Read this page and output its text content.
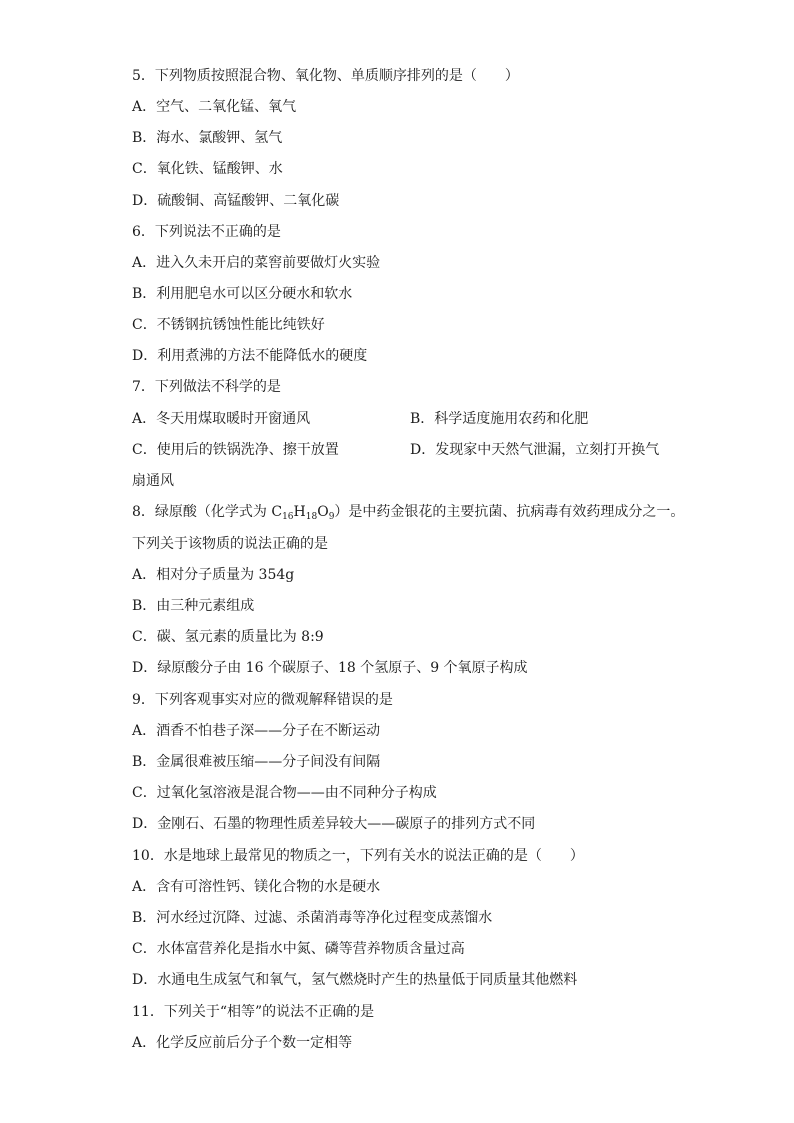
5．下列物质按照混合物、氧化物、单质顺序排列的是（　　）
A．空气、二氧化锰、氧气
B．海水、氯酸钾、氢气
C．氧化铁、锰酸钾、水
D．硫酸铜、高锰酸钾、二氧化碳
6．下列说法不正确的是
A．进入久未开启的菜窖前要做灯火实验
B．利用肥皂水可以区分硬水和软水
C．不锈钢抗锈蚀性能比纯铁好
D．利用煮沸的方法不能降低水的硬度
7．下列做法不科学的是
A．冬天用煤取暖时开窗通风	B．科学适度施用农药和化肥
C．使用后的铁锅洗净、擦干放置	D．发现家中天然气泄漏，立刻打开换气
扇通风
8．绿原酸（化学式为 $C_{16}H_{18}O_9$）是中药金银花的主要抗菌、抗病毒有效药理成分之一。
下列关于该物质的说法正确的是
A．相对分子质量为 354g
B．由三种元素组成
C．碳、氢元素的质量比为 8:9
D．绿原酸分子由 16 个碳原子、18 个氢原子、9 个氧原子构成
9．下列客观事实对应的微观解释错误的是
A．酒香不怕巷子深——分子在不断运动
B．金属很难被压缩——分子间没有间隔
C．过氧化氢溶液是混合物——由不同种分子构成
D．金刚石、石墨的物理性质差异较大——碳原子的排列方式不同
10．水是地球上最常见的物质之一，下列有关水的说法正确的是（　　）
A．含有可溶性钙、镁化合物的水是硬水
B．河水经过沉降、过滤、杀菌消毒等净化过程变成蒸馏水
C．水体富营养化是指水中氮、磷等营养物质含量过高
D．水通电生成氢气和氧气，氢气燃烧时产生的热量低于同质量其他燃料
11．下列关于“相等”的说法不正确的是
A．化学反应前后分子个数一定相等
